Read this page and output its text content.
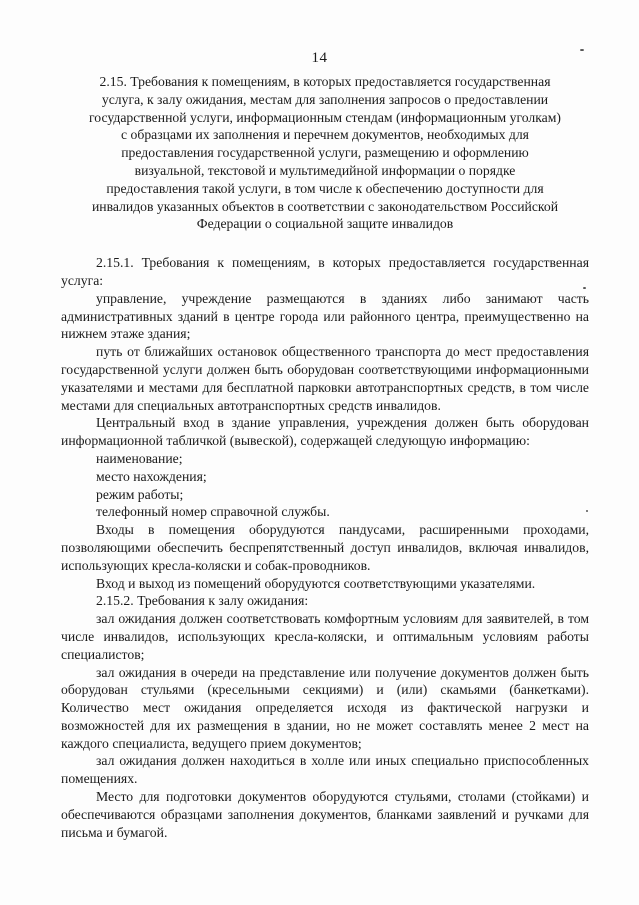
14
2.15. Требования к помещениям, в которых предоставляется государственная
услуга, к залу ожидания, местам для заполнения запросов о предоставлении
государственной услуги, информационным стендам (информационным уголкам)
с образцами их заполнения и перечнем документов, необходимых для
предоставления государственной услуги, размещению и оформлению
визуальной, текстовой и мультимедийной информации о порядке
предоставления такой услуги, в том числе к обеспечению доступности для
инвалидов указанных объектов в соответствии с законодательством Российской
Федерации о социальной защите инвалидов

2.15.1. Требования к помещениям, в которых предоставляется государственная услуга:

управление, учреждение размещаются в зданиях либо занимают часть административных зданий в центре города или районного центра, преимущественно на нижнем этаже здания;

путь от ближайших остановок общественного транспорта до мест предоставления государственной услуги должен быть оборудован соответствующими информационными указателями и местами для бесплатной парковки автотранспортных средств, в том числе местами для специальных автотранспортных средств инвалидов.

Центральный вход в здание управления, учреждения должен быть оборудован информационной табличкой (вывеской), содержащей следующую информацию:

наименование;

место нахождения;

режим работы;

телефонный номер справочной службы.

Входы в помещения оборудуются пандусами, расширенными проходами, позволяющими обеспечить беспрепятственный доступ инвалидов, включая инвалидов, использующих кресла-коляски и собак-проводников.

Вход и выход из помещений оборудуются соответствующими указателями.

2.15.2. Требования к залу ожидания:

зал ожидания должен соответствовать комфортным условиям для заявителей, в том числе инвалидов, использующих кресла-коляски, и оптимальным условиям работы специалистов;

зал ожидания в очереди на представление или получение документов должен быть оборудован стульями (кресельными секциями) и (или) скамьями (банкетками). Количество мест ожидания определяется исходя из фактической нагрузки и возможностей для их размещения в здании, но не может составлять менее 2 мест на каждого специалиста, ведущего прием документов;

зал ожидания должен находиться в холле или иных специально приспособленных помещениях.

Место для подготовки документов оборудуются стульями, столами (стойками) и обеспечиваются образцами заполнения документов, бланками заявлений и ручками для письма и бумагой.
